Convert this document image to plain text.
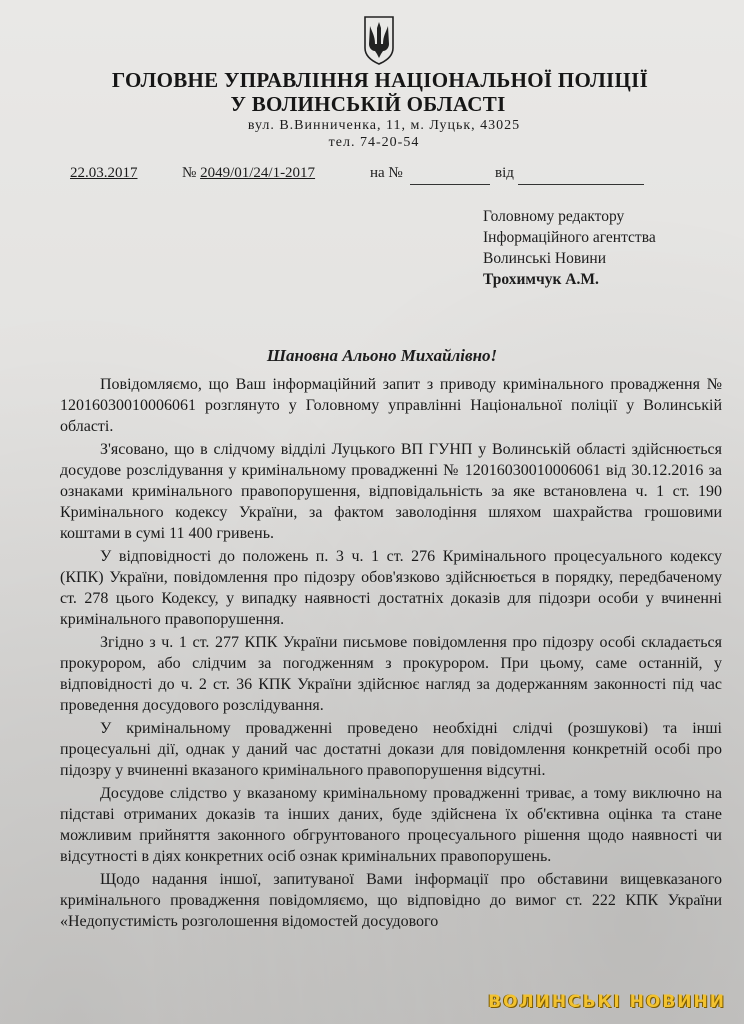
ГОЛОВНЕ УПРАВЛІННЯ НАЦІОНАЛЬНОЇ ПОЛІЦІЇ
У ВОЛИНСЬКІЙ ОБЛАСТІ
вул. В.Винниченка, 11, м. Луцьк, 43025
тел. 74-20-54
22.03.2017	№ 2049/01/24/1-2017	на №	від
Головному редактору
Інформаційного агентства
Волинські Новини
Трохимчук А.М.
Шановна Альоно Михайлівно!

Повідомляємо, що Ваш інформаційний запит з приводу кримінального провадження № 12016030010006061 розглянуто у Головному управлінні Національної поліції у Волинській області.

З'ясовано, що в слідчому відділі Луцького ВП ГУНП у Волинській області здійснюється досудове розслідування у кримінальному провадженні № 12016030010006061 від 30.12.2016 за ознаками кримінального правопорушення, відповідальність за яке встановлена ч. 1 ст. 190 Кримінального кодексу України, за фактом заволодіння шляхом шахрайства грошовими коштами в сумі 11 400 гривень.

У відповідності до положень п. 3 ч. 1 ст. 276 Кримінального процесуального кодексу (КПК) України, повідомлення про підозру обов'язково здійснюється в порядку, передбаченому ст. 278 цього Кодексу, у випадку наявності достатніх доказів для підозри особи у вчиненні кримінального правопорушення.

Згідно з ч. 1 ст. 277 КПК України письмове повідомлення про підозру особі складається прокурором, або слідчим за погодженням з прокурором. При цьому, саме останній, у відповідності до ч. 2 ст. 36 КПК України здійснює нагляд за додержанням законності під час проведення досудового розслідування.

У кримінальному провадженні проведено необхідні слідчі (розшукові) та інші процесуальні дії, однак у даний час достатні докази для повідомлення конкретній особі про підозру у вчиненні вказаного кримінального правопорушення відсутні.

Досудове слідство у вказаному кримінальному провадженні триває, а тому виключно на підставі отриманих доказів та інших даних, буде здійснена їх об'єктивна оцінка та стане можливим прийняття законного обгрунтованого процесуального рішення щодо наявності чи відсутності в діях конкретних осіб ознак кримінальних правопорушень.

Щодо надання іншої, запитуваної Вами інформації про обставини вищевказаного кримінального провадження повідомляємо, що відповідно до вимог ст. 222 КПК України «Недопустимість розголошення відомостей досудового

ВОЛИНСЬКІ НОВИНИ
